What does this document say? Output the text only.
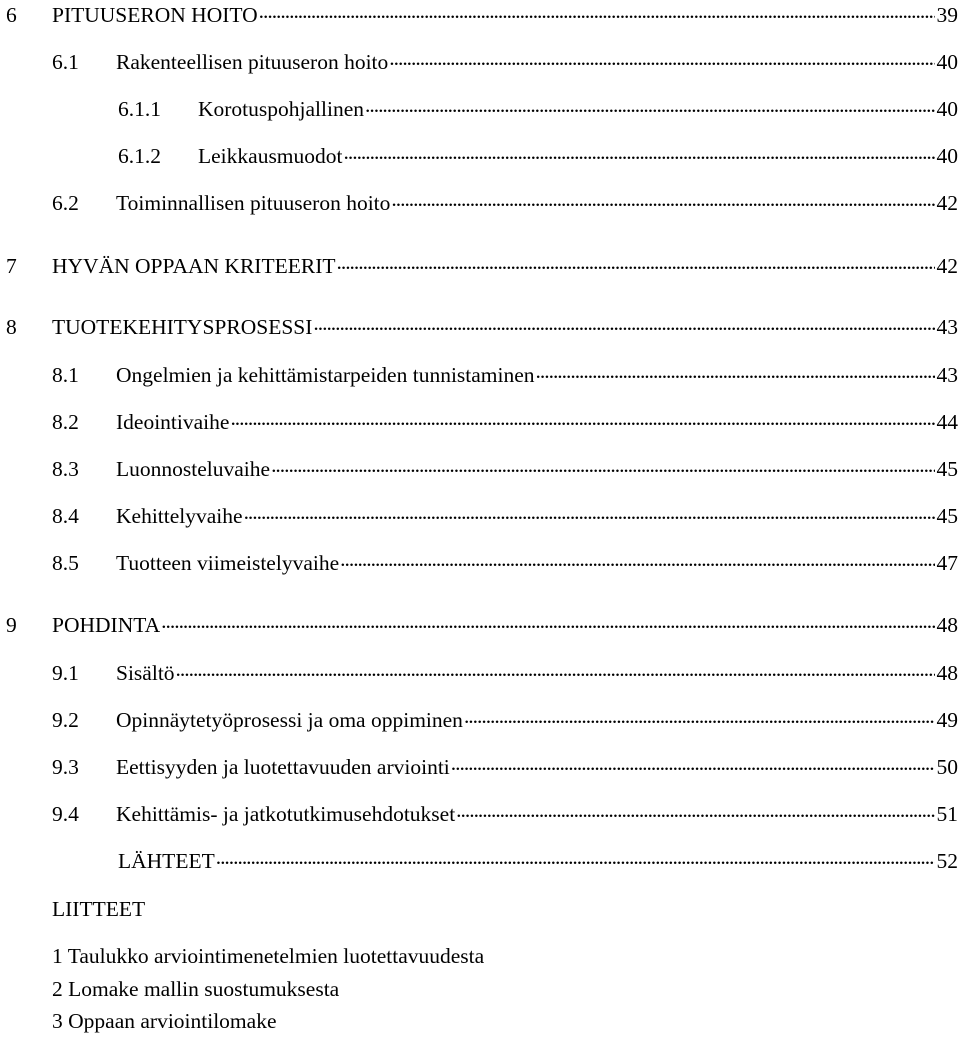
6	PITUUSERON HOITO . . .	39
6.1	Rakenteellisen pituuseron hoito . . .	40
6.1.1	Korotuspohjallinen . . .	40
6.1.2	Leikkausmuodot . . .	40
6.2	Toiminnallisen pituuseron hoito . . .	42
7	HYVÄN OPPAAN KRITEERIT . . .	42
8	TUOTEKEHITYSPROSESSI . . .	43
8.1	Ongelmien ja kehittämistarpeiden tunnistaminen . . .	43
8.2	Ideointivaihe . . .	44
8.3	Luonnosteluvaihe . . .	45
8.4	Kehittelyvaihe . . .	45
8.5	Tuotteen viimeistelyvaihe . . .	47
9	POHDINTA . . .	48
9.1	Sisältö . . .	48
9.2	Opinnäytetyöprosessi ja oma oppiminen . . .	49
9.3	Eettisyyden ja luotettavuuden arviointi . . .	50
9.4	Kehittämis- ja jatkotutkimusehdotukset . . .	51
LÄHTEET . . .	52
LIITTEET
1 Taulukko arviointimenetelmien luotettavuudesta
2 Lomake mallin suostumuksesta
3 Oppaan arviointilomake
